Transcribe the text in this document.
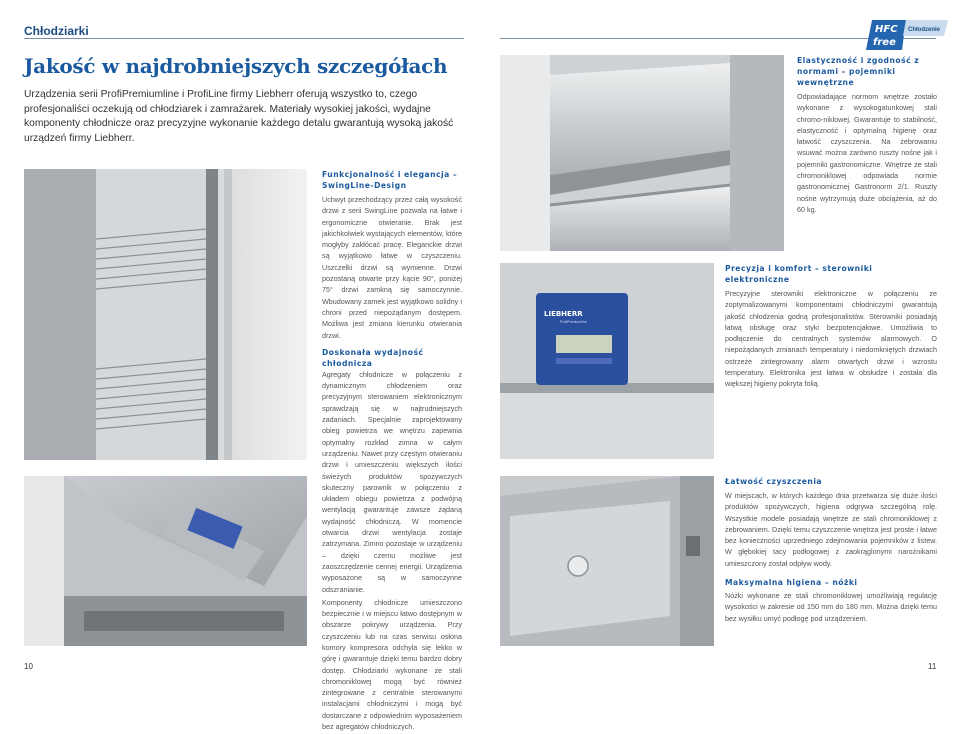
Chłodziarki	HFC
free
Chłodzenie
Jakość w najdrobniejszych szczegółach
Urządzenia serii ProfiPremiumline i ProfiLine firmy Liebherr oferują wszystko to, czego profesjonaliści oczekują od chłodziarek i zamrażarek. Materiały wysokiej jakości, wydajne komponenty chłodnicze oraz precyzyjne wykonanie każdego detalu gwarantują wysoką jakość urządzeń firmy Liebherr.
Funkcjonalność i elegancja – SwingLine-Design

Uchwyt przechodzący przez całą wysokość drzwi z serii SwingLine pozwala na łatwe i ergonomiczne otwieranie. Brak jest jakichkolwiek wystających elementów, które mogłyby zakłócać pracę. Eleganckie drzwi są wyjątkowo łatwe w czyszczeniu. Uszczelki drzwi są wymienne. Drzwi pozostaną otwarte przy kącie 90°, poniżej 75° drzwi zamkną się samoczynnie. Wbudowany zamek jest wyjątkowo solidny i chroni przed niepożądanym dostępem. Możliwa jest zmiana kierunku otwierania drzwi.

Doskonała wydajność chłodnicza

Agregaty chłodnicze w połączeniu z dynamicznym chłodzeniem oraz precyzyjnym sterowaniem elektronicznym sprawdzają się w najtrudniejszych zadaniach. Specjalnie zaprojektowany obieg powietrza we wnętrzu zapewnia optymalny rozkład zimna w całym urządzeniu. Nawet przy częstym otwieraniu drzwi i umieszczeniu większych ilości świeżych produktów spożywczych skuteczny parownik w połączeniu z układem obiegu powietrza z podwójną wentylacją gwarantuje zawsze żądaną wydajność chłodniczą. W momencie otwarcia drzwi wentylacja zostaje zatrzymana. Zimno pozostaje w urządzeniu – dzięki czemu możliwe jest zaoszczędzenie cennej energii. Urządzenia wyposażone są w samoczynne odszranianie.

Komponenty chłodnicze umieszczono bezpiecznie i w miejscu łatwo dostępnym w obszarze pokrywy urządzenia. Przy czyszczeniu lub na czas serwisu osłona komory kompresora odchyla się lekko w górę i gwarantuje dzięki temu bardzo dobry dostęp. Chłodziarki wykonane ze stali chromoniklowej mogą być również zintegrowane z centralnie sterowanymi instalacjami chłodniczymi i mogą być dostarczane z odpowiednim wyposażeniem bez agregatów chłodniczych.

LIEBHERR
ProfiPremiumline
Elastyczność i zgodność z normami – pojemniki wewnętrzne

Odpowiadające normom wnętrze zostało wykonane z wysokogatunkowej stali chromo-niklowej. Gwarantuje to stabilność, elastyczność i optymalną higienę oraz łatwość czyszczenia. Na żebrowaniu wsuwać można zarówno ruszty nośne jak i pojemniki gastronomiczne. Wnętrze ze stali chromoniklowej odpowiada normie gastronomicznej Gastronorm 2/1. Ruszty nośne wytrzymują duże obciążenia, aż do 60 kg.

Precyzja i komfort – sterowniki elektroniczne

Precyzyjne sterowniki elektroniczne w połączeniu ze zoptymalizowanymi komponentami chłodniczymi gwarantują jakość chłodzenia godną profesjonalistów. Sterowniki posiadają łatwą obsługę oraz styki bezpotencjałowe. Umożliwia to podłączenie do centralnych systemów alarmowych. O niepożądanych zmianach temperatury i niedomkniętych drzwiach ostrzeże zintegrowany alarm otwartych drzwi i wzrostu temperatury. Elektronika jest łatwa w obsłudze i została dla większej higieny pokryta folią.

Łatwość czyszczenia

W miejscach, w których każdego dnia przetwarza się duże ilości produktów spożywczych, higiena odgrywa szczególną rolę. Wszystkie modele posiadają wnętrze ze stali chromoniklowej z żebrowaniem. Dzięki temu czyszczenie wnętrza jest proste i łatwe bez konieczności uprzedniego zdejmowania pojemników z listew. W głębokiej tacy podłogowej z zaokrąglonymi narożnikami umieszczony został odpływ wody.

Maksymalna higiena – nóżki

Nóżki wykonane ze stali chromoniklowej umożliwiają regulację wysokości w zakresie od 150 mm do 180 mm. Można dzięki temu bez wysiłku umyć podłogę pod urządzeniem.

10	11
